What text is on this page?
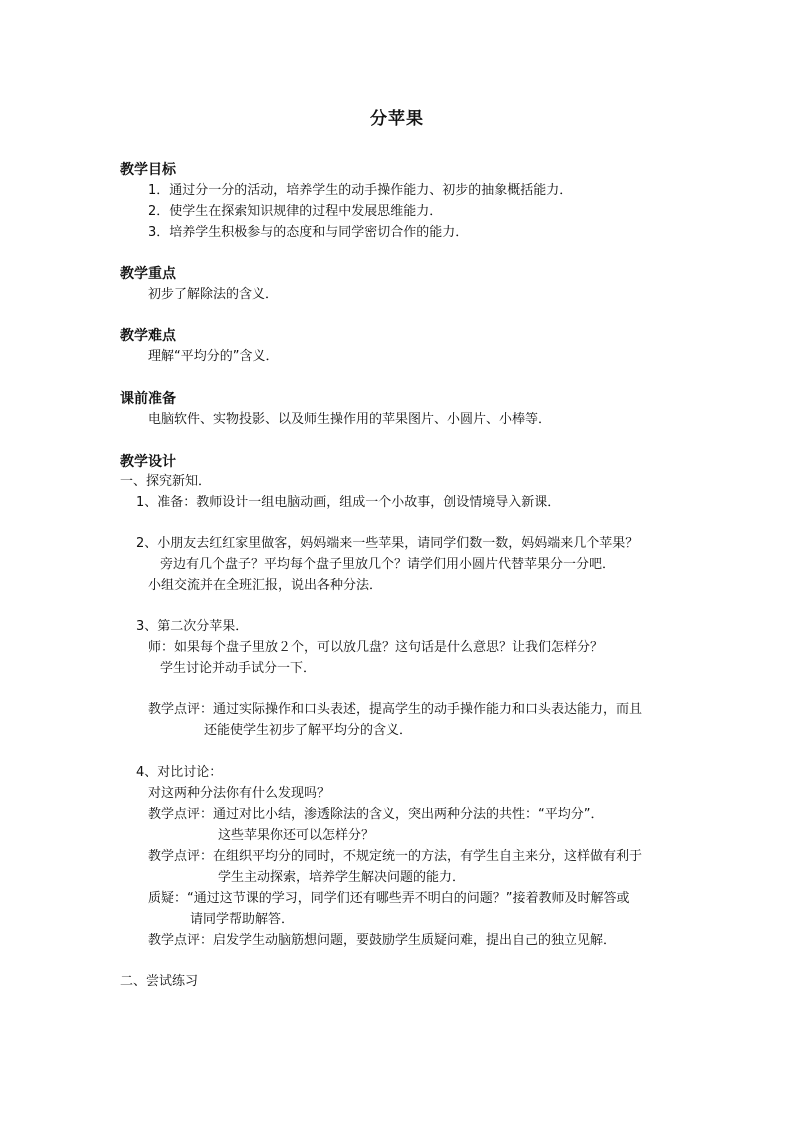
分苹果
教学目标
1．通过分一分的活动，培养学生的动手操作能力、初步的抽象概括能力．
2．使学生在探索知识规律的过程中发展思维能力．
3．培养学生积极参与的态度和与同学密切合作的能力．
教学重点
初步了解除法的含义．
教学难点
理解“平均分的”含义．
课前准备
电脑软件、实物投影、以及师生操作用的苹果图片、小圆片、小棒等．
教学设计
一、探究新知．
1、准备：教师设计一组电脑动画，组成一个小故事，创设情境导入新课．
2、小朋友去红红家里做客，妈妈端来一些苹果，请同学们数一数，妈妈端来几个苹果？
旁边有几个盘子？平均每个盘子里放几个？请学们用小圆片代替苹果分一分吧．
小组交流并在全班汇报，说出各种分法．
3、第二次分苹果．
师：如果每个盘子里放２个，可以放几盘？这句话是什么意思？让我们怎样分？
学生讨论并动手试分一下．
教学点评：通过实际操作和口头表述，提高学生的动手操作能力和口头表达能力，而且
还能使学生初步了解平均分的含义．
4、对比讨论：
对这两种分法你有什么发现吗？
教学点评：通过对比小结，渗透除法的含义，突出两种分法的共性：“平均分”．
这些苹果你还可以怎样分？
教学点评：在组织平均分的同时，不规定统一的方法，有学生自主来分，这样做有利于
学生主动探索，培养学生解决问题的能力．
质疑：“通过这节课的学习，同学们还有哪些弄不明白的问题？”接着教师及时解答或
请同学帮助解答．
教学点评：启发学生动脑筋想问题，要鼓励学生质疑问难，提出自己的独立见解．
二、尝试练习
